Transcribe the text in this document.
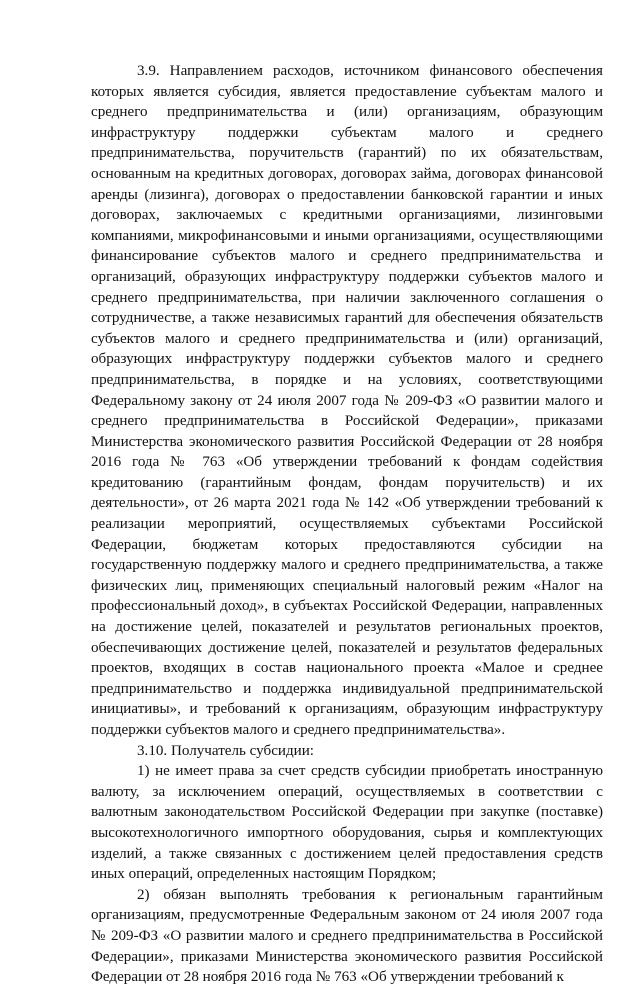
3.9. Направлением расходов, источником финансового обеспечения которых является субсидия, является предоставление субъектам малого и среднего предпринимательства и (или) организациям, образующим инфраструктуру поддержки субъектам малого и среднего предпринимательства, поручительств (гарантий) по их обязательствам, основанным на кредитных договорах, договорах займа, договорах финансовой аренды (лизинга), договорах о предоставлении банковской гарантии и иных договорах, заключаемых с кредитными организациями, лизинговыми компаниями, микрофинансовыми и иными организациями, осуществляющими финансирование субъектов малого и среднего предпринимательства и организаций, образующих инфраструктуру поддержки субъектов малого и среднего предпринимательства, при наличии заключенного соглашения о сотрудничестве, а также независимых гарантий для обеспечения обязательств субъектов малого и среднего предпринимательства и (или) организаций, образующих инфраструктуру поддержки субъектов малого и среднего предпринимательства, в порядке и на условиях, соответствующими Федеральному закону от 24 июля 2007 года № 209-ФЗ «О развитии малого и среднего предпринимательства в Российской Федерации», приказами Министерства экономического развития Российской Федерации от 28 ноября 2016 года № 763 «Об утверждении требований к фондам содействия кредитованию (гарантийным фондам, фондам поручительств) и их деятельности», от 26 марта 2021 года № 142 «Об утверждении требований к реализации мероприятий, осуществляемых субъектами Российской Федерации, бюджетам которых предоставляются субсидии на государственную поддержку малого и среднего предпринимательства, а также физических лиц, применяющих специальный налоговый режим «Налог на профессиональный доход», в субъектах Российской Федерации, направленных на достижение целей, показателей и результатов региональных проектов, обеспечивающих достижение целей, показателей и результатов федеральных проектов, входящих в состав национального проекта «Малое и среднее предпринимательство и поддержка индивидуальной предпринимательской инициативы», и требований к организациям, образующим инфраструктуру поддержки субъектов малого и среднего предпринимательства».

3.10. Получатель субсидии:

1) не имеет права за счет средств субсидии приобретать иностранную валюту, за исключением операций, осуществляемых в соответствии с валютным законодательством Российской Федерации при закупке (поставке) высокотехнологичного импортного оборудования, сырья и комплектующих изделий, а также связанных с достижением целей предоставления средств иных операций, определенных настоящим Порядком;

2) обязан выполнять требования к региональным гарантийным организациям, предусмотренные Федеральным законом от 24 июля 2007 года № 209-ФЗ «О развитии малого и среднего предпринимательства в Российской Федерации», приказами Министерства экономического развития Российской Федерации от 28 ноября 2016 года № 763 «Об утверждении требований к
